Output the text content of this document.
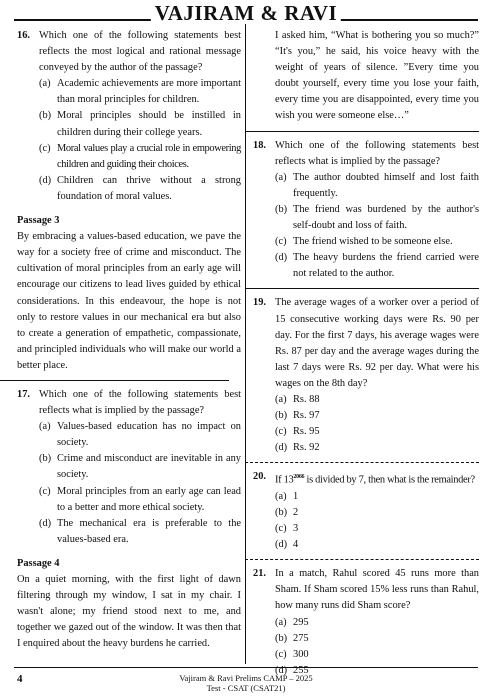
VAJIRAM & RAVI
16. Which one of the following statements best reflects the most logical and rational message conveyed by the author of the passage?
(a) Academic achievements are more important than moral principles for children.
(b) Moral principles should be instilled in children during their college years.
(c) Moral values play a crucial role in empowering children and guiding their choices.
(d) Children can thrive without a strong foundation of moral values.
Passage 3
By embracing a values-based education, we pave the way for a society free of crime and misconduct. The cultivation of moral principles from an early age will encourage our citizens to lead lives guided by ethical considerations. In this endeavour, the hope is not only to restore values in our mechanical era but also to create a generation of empathetic, compassionate, and principled individuals who will make our world a better place.
17. Which one of the following statements best reflects what is implied by the passage?
(a) Values-based education has no impact on society.
(b) Crime and misconduct are inevitable in any society.
(c) Moral principles from an early age can lead to a better and more ethical society.
(d) The mechanical era is preferable to the values-based era.
Passage 4
On a quiet morning, with the first light of dawn filtering through my window, I sat in my chair. I wasn't alone; my friend stood next to me, and together we gazed out of the window. It was then that I enquired about the heavy burdens he carried.
I asked him, “What is bothering you so much?” “It's you,” he said, his voice heavy with the weight of years of silence. ”Every time you doubt yourself, every time you lose your faith, every time you are disappointed, every time you wish you were someone else…”
18. Which one of the following statements best reflects what is implied by the passage?
(a) The author doubted himself and lost faith frequently.
(b) The friend was burdened by the author's self-doubt and loss of faith.
(c) The friend wished to be someone else.
(d) The heavy burdens the friend carried were not related to the author.
19. The average wages of a worker over a period of 15 consecutive working days were Rs. 90 per day. For the first 7 days, his average wages were Rs. 87 per day and the average wages during the last 7 days were Rs. 92 per day. What were his wages on the 8th day?
(a) Rs. 88
(b) Rs. 97
(c) Rs. 95
(d) Rs. 92
20. If $13^{2066}$ is divided by 7, then what is the remainder?
(a) 1
(b) 2
(c) 3
(d) 4
21. In a match, Rahul scored 45 runs more than Sham. If Sham scored 15% less runs than Rahul, how many runs did Sham score?
(a) 295
(b) 275
(c) 300
(d) 255
4	Vajiram & Ravi Prelims CAMP – 2025
Test - CSAT (CSAT21)
